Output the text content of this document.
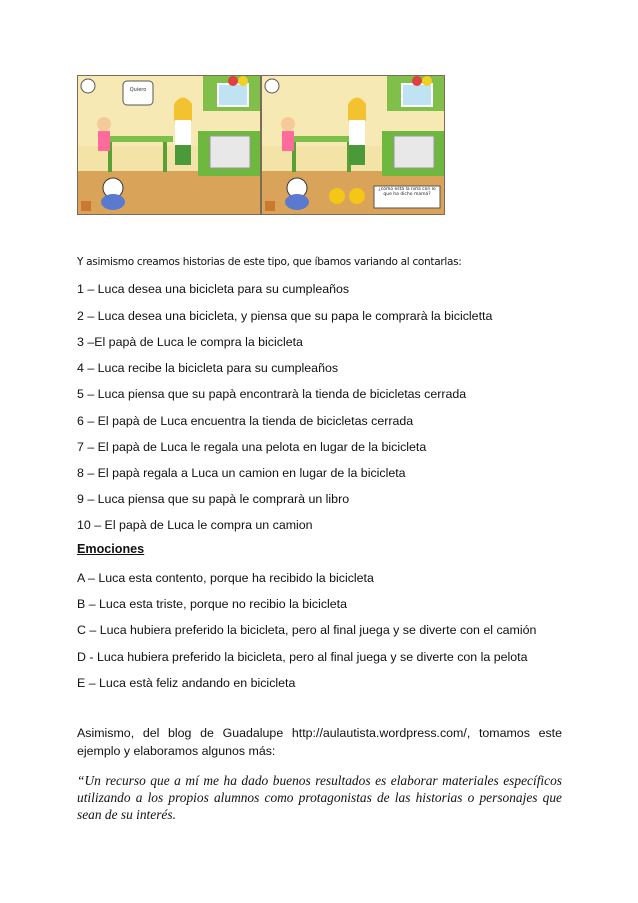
Quiero
¿cómo está la niña con lo que ha dicho mamá?
Y asimismo creamos historias de este tipo, que íbamos variando al contarlas:
1 – Luca desea una bicicleta para su cumpleaños
2 – Luca desea una bicicleta, y piensa que su papa le comprarà la bicicletta
3 –El papà de Luca le compra la bicicleta
4 – Luca recibe la bicicleta para su cumpleaños
5 – Luca piensa que su papà encontrarà la tienda de bicicletas cerrada
6 – El papà de Luca encuentra la tienda de bicicletas cerrada
7 – El papà de Luca le regala una pelota en lugar de la bicicleta
8 – El papà regala a Luca un camion en lugar de la bicicleta
9 – Luca piensa que su papà le comprarà un libro
10 – El papà de Luca le compra un camion
Emociones
A – Luca esta contento, porque ha recibido la bicicleta
B – Luca esta triste, porque no recibio la bicicleta
C – Luca hubiera preferido la bicicleta, pero al final juega y se diverte con el camión
D - Luca hubiera preferido la bicicleta, pero al final juega y se diverte con la pelota
E – Luca està feliz andando en bicicleta
Asimismo, del blog de Guadalupe http://aulautista.wordpress.com/, tomamos este ejemplo y elaboramos algunos más:
“Un recurso que a mí me ha dado buenos resultados es elaborar materiales específicos utilizando a los propios alumnos como protagonistas de las historias o personajes que sean de su interés.
